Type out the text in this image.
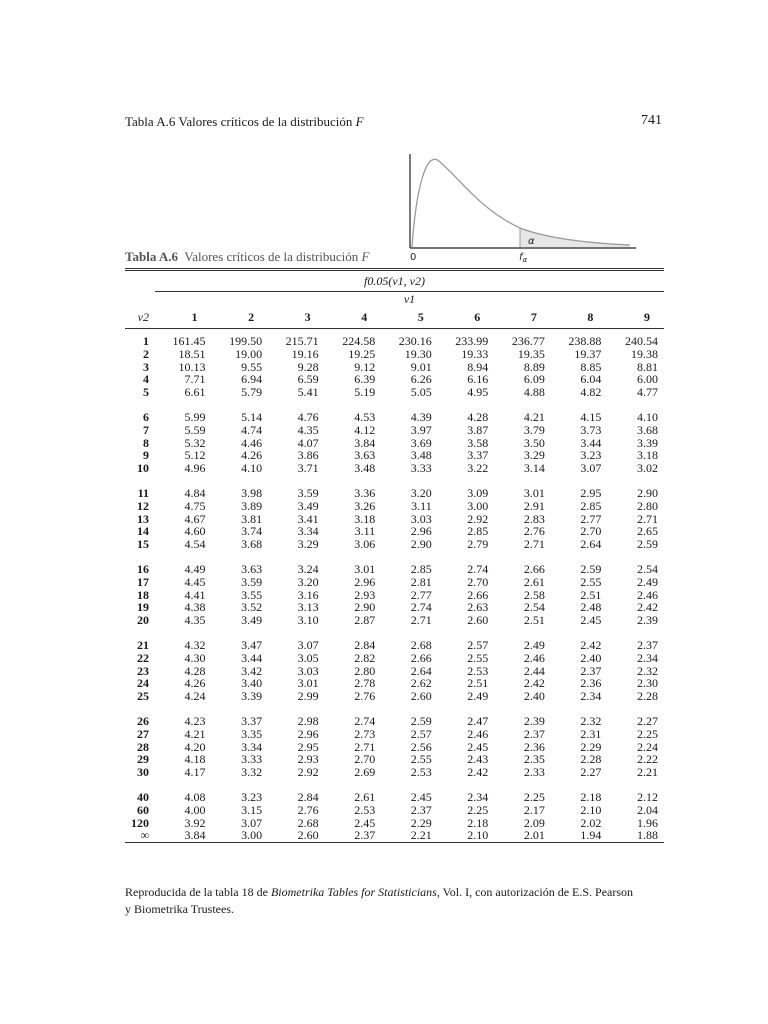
Tabla A.6 Valores críticos de la distribución F	741
0
α
$f_\alpha$
Tabla A.6 Valores críticos de la distribución F
f0.05(v1, v2)									
	v1								
v2	1	2	3	4	5	6	7	8	9
1	161.45	199.50	215.71	224.58	230.16	233.99	236.77	238.88	240.54
2	18.51	19.00	19.16	19.25	19.30	19.33	19.35	19.37	19.38
3	10.13	9.55	9.28	9.12	9.01	8.94	8.89	8.85	8.81
4	7.71	6.94	6.59	6.39	6.26	6.16	6.09	6.04	6.00
5	6.61	5.79	5.41	5.19	5.05	4.95	4.88	4.82	4.77

6	5.99	5.14	4.76	4.53	4.39	4.28	4.21	4.15	4.10
7	5.59	4.74	4.35	4.12	3.97	3.87	3.79	3.73	3.68
8	5.32	4.46	4.07	3.84	3.69	3.58	3.50	3.44	3.39
9	5.12	4.26	3.86	3.63	3.48	3.37	3.29	3.23	3.18
10	4.96	4.10	3.71	3.48	3.33	3.22	3.14	3.07	3.02

11	4.84	3.98	3.59	3.36	3.20	3.09	3.01	2.95	2.90
12	4.75	3.89	3.49	3.26	3.11	3.00	2.91	2.85	2.80
13	4.67	3.81	3.41	3.18	3.03	2.92	2.83	2.77	2.71
14	4.60	3.74	3.34	3.11	2.96	2.85	2.76	2.70	2.65
15	4.54	3.68	3.29	3.06	2.90	2.79	2.71	2.64	2.59

16	4.49	3.63	3.24	3.01	2.85	2.74	2.66	2.59	2.54
17	4.45	3.59	3.20	2.96	2.81	2.70	2.61	2.55	2.49
18	4.41	3.55	3.16	2.93	2.77	2.66	2.58	2.51	2.46
19	4.38	3.52	3.13	2.90	2.74	2.63	2.54	2.48	2.42
20	4.35	3.49	3.10	2.87	2.71	2.60	2.51	2.45	2.39

21	4.32	3.47	3.07	2.84	2.68	2.57	2.49	2.42	2.37
22	4.30	3.44	3.05	2.82	2.66	2.55	2.46	2.40	2.34
23	4.28	3.42	3.03	2.80	2.64	2.53	2.44	2.37	2.32
24	4.26	3.40	3.01	2.78	2.62	2.51	2.42	2.36	2.30
25	4.24	3.39	2.99	2.76	2.60	2.49	2.40	2.34	2.28

26	4.23	3.37	2.98	2.74	2.59	2.47	2.39	2.32	2.27
27	4.21	3.35	2.96	2.73	2.57	2.46	2.37	2.31	2.25
28	4.20	3.34	2.95	2.71	2.56	2.45	2.36	2.29	2.24
29	4.18	3.33	2.93	2.70	2.55	2.43	2.35	2.28	2.22
30	4.17	3.32	2.92	2.69	2.53	2.42	2.33	2.27	2.21

40	4.08	3.23	2.84	2.61	2.45	2.34	2.25	2.18	2.12
60	4.00	3.15	2.76	2.53	2.37	2.25	2.17	2.10	2.04
120	3.92	3.07	2.68	2.45	2.29	2.18	2.09	2.02	1.96
∞	3.84	3.00	2.60	2.37	2.21	2.10	2.01	1.94	1.88
Reproducida de la tabla 18 de Biometrika Tables for Statisticians, Vol. I, con autorización de E.S. Pearson
y Biometrika Trustees.
